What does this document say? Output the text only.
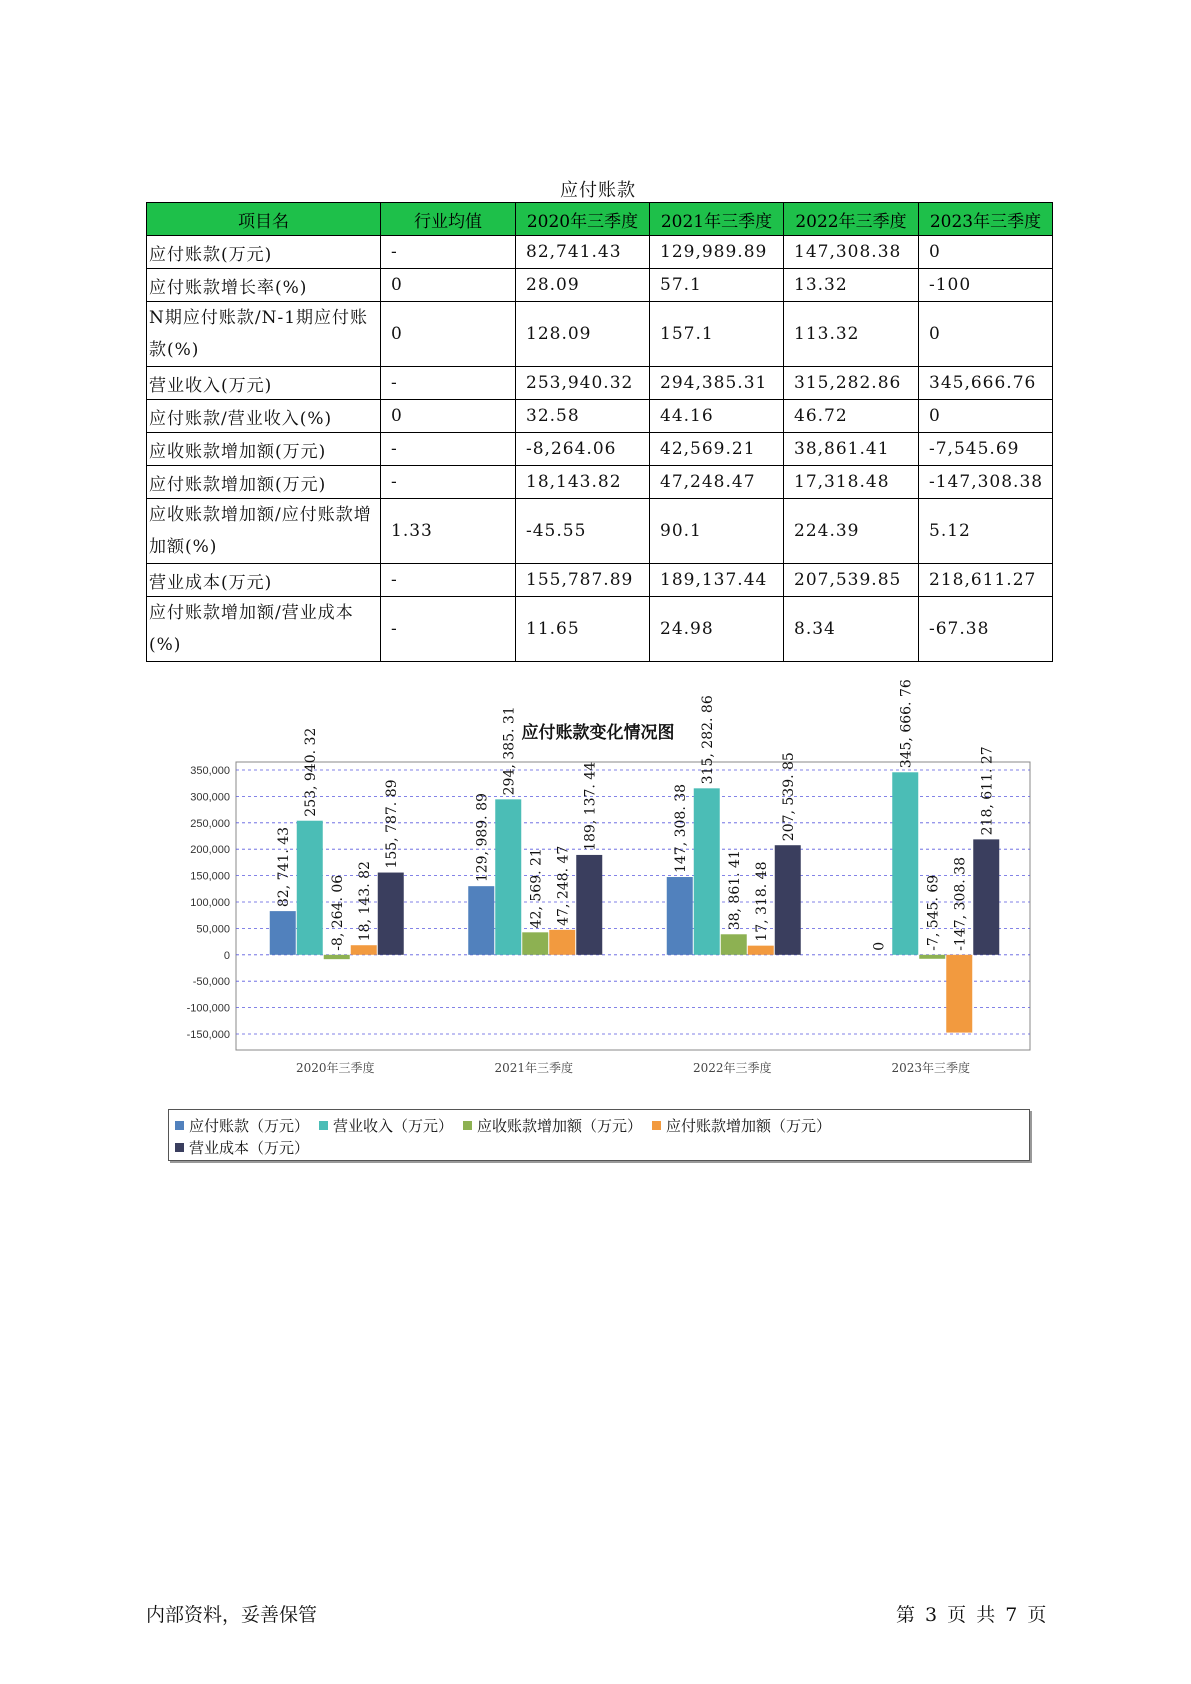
应付账款
项目名	行业均值	2020年三季度	2021年三季度	2022年三季度	2023年三季度
应付账款(万元)	-	82,741.43	129,989.89	147,308.38	0
应付账款增长率(%)	0	28.09	57.1	13.32	-100
N期应付账款/N-1期应付账款(%)	0	128.09	157.1	113.32	0
营业收入(万元)	-	253,940.32	294,385.31	315,282.86	345,666.76
应付账款/营业收入(%)	0	32.58	44.16	46.72	0
应收账款增加额(万元)	-	-8,264.06	42,569.21	38,861.41	-7,545.69
应付账款增加额(万元)	-	18,143.82	47,248.47	17,318.48	-147,308.38
应收账款增加额/应付账款增加额(%)	1.33	-45.55	90.1	224.39	5.12
营业成本(万元)	-	155,787.89	189,137.44	207,539.85	218,611.27
应付账款增加额/营业成本(%)	-	11.65	24.98	8.34	-67.38
应付账款变化情况图
350,000
300,000
250,000
200,000
150,000
100,000
50,000
0
-50,000
-100,000
-150,000
82, 741. 43
253, 940. 32
-8, 264. 06 18, 143. 82
155, 787. 89
2020年三季度
129, 989. 89
294, 385. 31
42, 569. 21 47, 248. 47
189, 137. 44
2021年三季度
147, 308. 38
315, 282. 86
38, 861. 41 17, 318. 48
207, 539. 85
2022年三季度
0
345, 666. 76
-7, 545. 69 -147, 308. 38
218, 611. 27
2023年三季度
应付账款（万元） 营业收入（万元） 应收账款增加额（万元） 应付账款增加额（万元）
营业成本（万元）
内部资料，妥善保管	第 3 页 共 7 页
